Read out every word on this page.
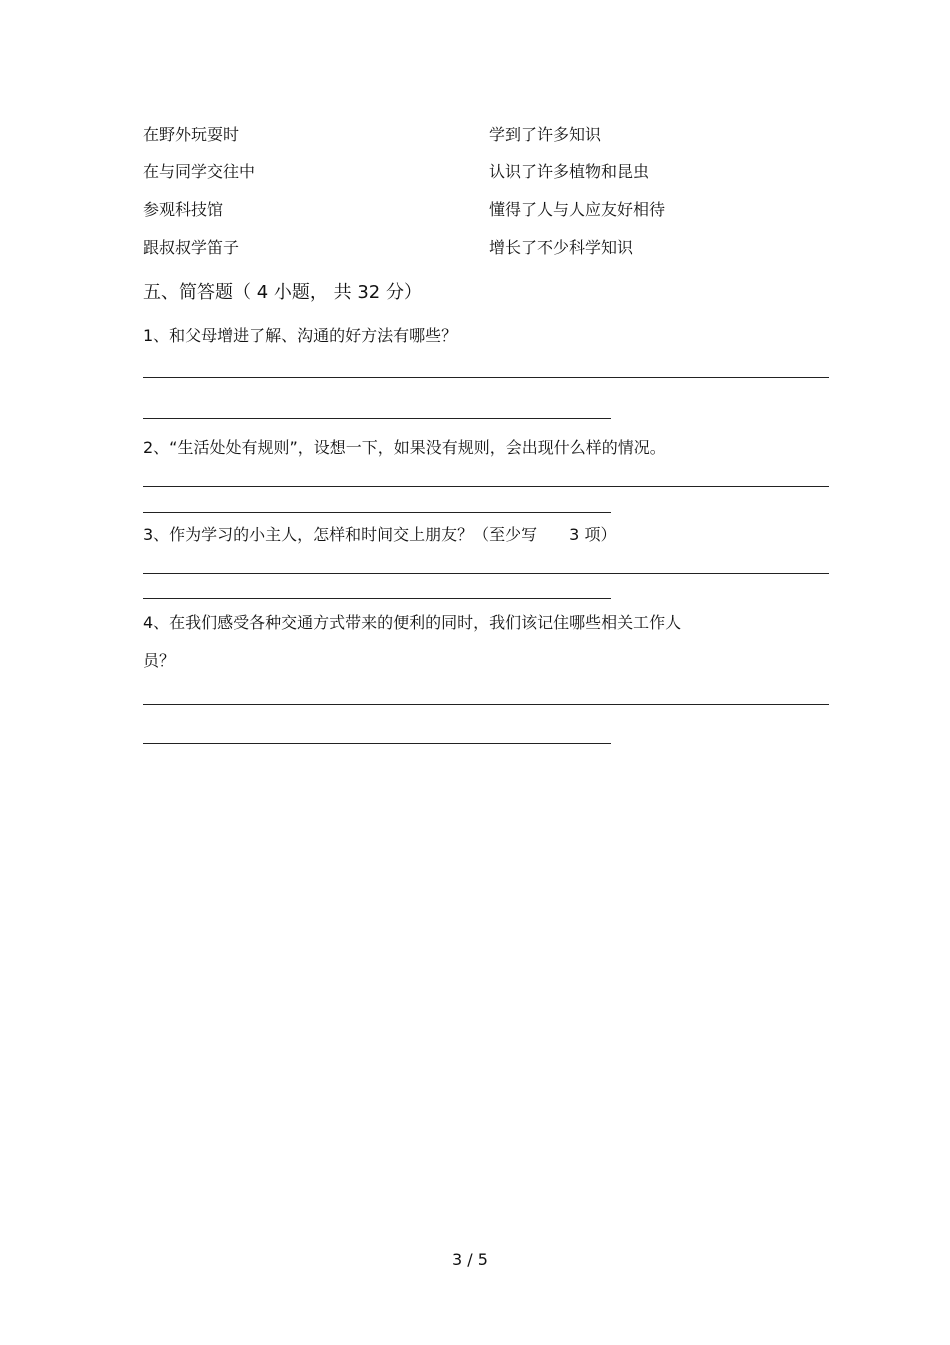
在野外玩耍时
在与同学交往中
参观科技馆
跟叔叔学笛子
学到了许多知识
认识了许多植物和昆虫
懂得了人与人应友好相待
增长了不少科学知识
五、简答题（ 4 小题， 共 32 分）
1、和父母增进了解、沟通的好方法有哪些？
2、“生活处处有规则”，设想一下，如果没有规则，会出现什么样的情况。
3、作为学习的小主人，怎样和时间交上朋友？（至少写　　3 项）
4、在我们感受各种交通方式带来的便利的同时，我们该记住哪些相关工作人
员？
3 / 5
